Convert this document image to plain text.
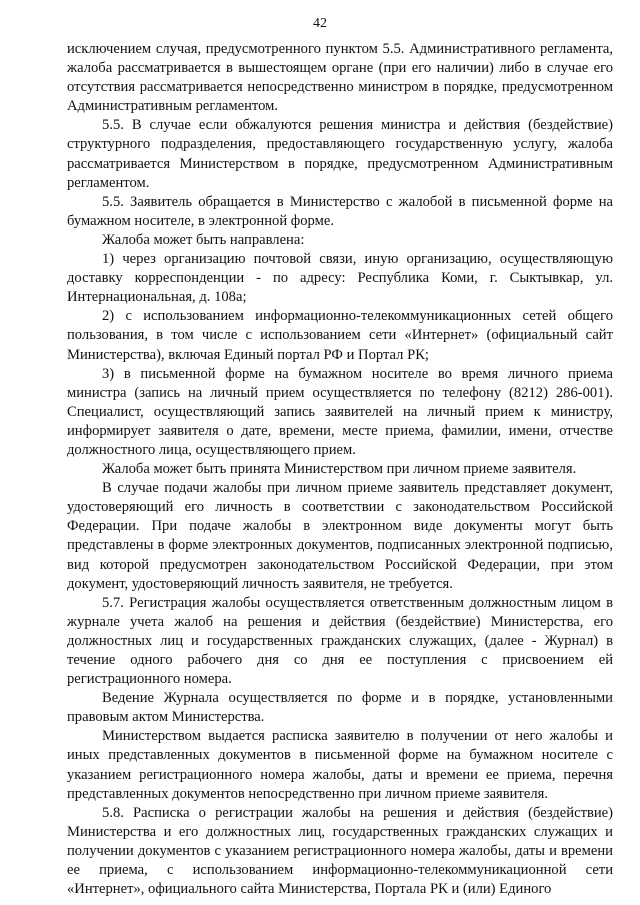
42

исключением случая, предусмотренного пунктом 5.5. Административного регламента, жалоба рассматривается в вышестоящем органе (при его наличии) либо в случае его отсутствия рассматривается непосредственно министром в порядке, предусмотренном Административным регламентом.

5.5. В случае если обжалуются решения министра и действия (бездействие) структурного подразделения, предоставляющего государственную услугу, жалоба рассматривается Министерством в порядке, предусмотренном Административным регламентом.

5.5. Заявитель обращается в Министерство с жалобой в письменной форме на бумажном носителе, в электронной форме.

Жалоба может быть направлена:

1) через организацию почтовой связи, иную организацию, осуществляющую доставку корреспонденции - по адресу: Республика Коми, г. Сыктывкар, ул. Интернациональная, д. 108а;

2) с использованием информационно-телекоммуникационных сетей общего пользования, в том числе с использованием сети «Интернет» (официальный сайт Министерства), включая Единый портал РФ и Портал РК;

3) в письменной форме на бумажном носителе во время личного приема министра (запись на личный прием осуществляется по телефону (8212) 286-001). Специалист, осуществляющий запись заявителей на личный прием к министру, информирует заявителя о дате, времени, месте приема, фамилии, имени, отчестве должностного лица, осуществляющего прием.

Жалоба может быть принята Министерством при личном приеме заявителя.

В случае подачи жалобы при личном приеме заявитель представляет документ, удостоверяющий его личность в соответствии с законодательством Российской Федерации. При подаче жалобы в электронном виде документы могут быть представлены в форме электронных документов, подписанных электронной подписью, вид которой предусмотрен законодательством Российской Федерации, при этом документ, удостоверяющий личность заявителя, не требуется.

5.7. Регистрация жалобы осуществляется ответственным должностным лицом в журнале учета жалоб на решения и действия (бездействие) Министерства, его должностных лиц и государственных гражданских служащих, (далее - Журнал) в течение одного рабочего дня со дня ее поступления с присвоением ей регистрационного номера.

Ведение Журнала осуществляется по форме и в порядке, установленными правовым актом Министерства.

Министерством выдается расписка заявителю в получении от него жалобы и иных представленных документов в письменной форме на бумажном носителе с указанием регистрационного номера жалобы, даты и времени ее приема, перечня представленных документов непосредственно при личном приеме заявителя.

5.8. Расписка о регистрации жалобы на решения и действия (бездействие) Министерства и его должностных лиц, государственных гражданских служащих и получении документов с указанием регистрационного номера жалобы, даты и времени ее приема, с использованием информационно-телекоммуникационной сети «Интернет», официального сайта Министерства, Портала РК и (или) Единого
